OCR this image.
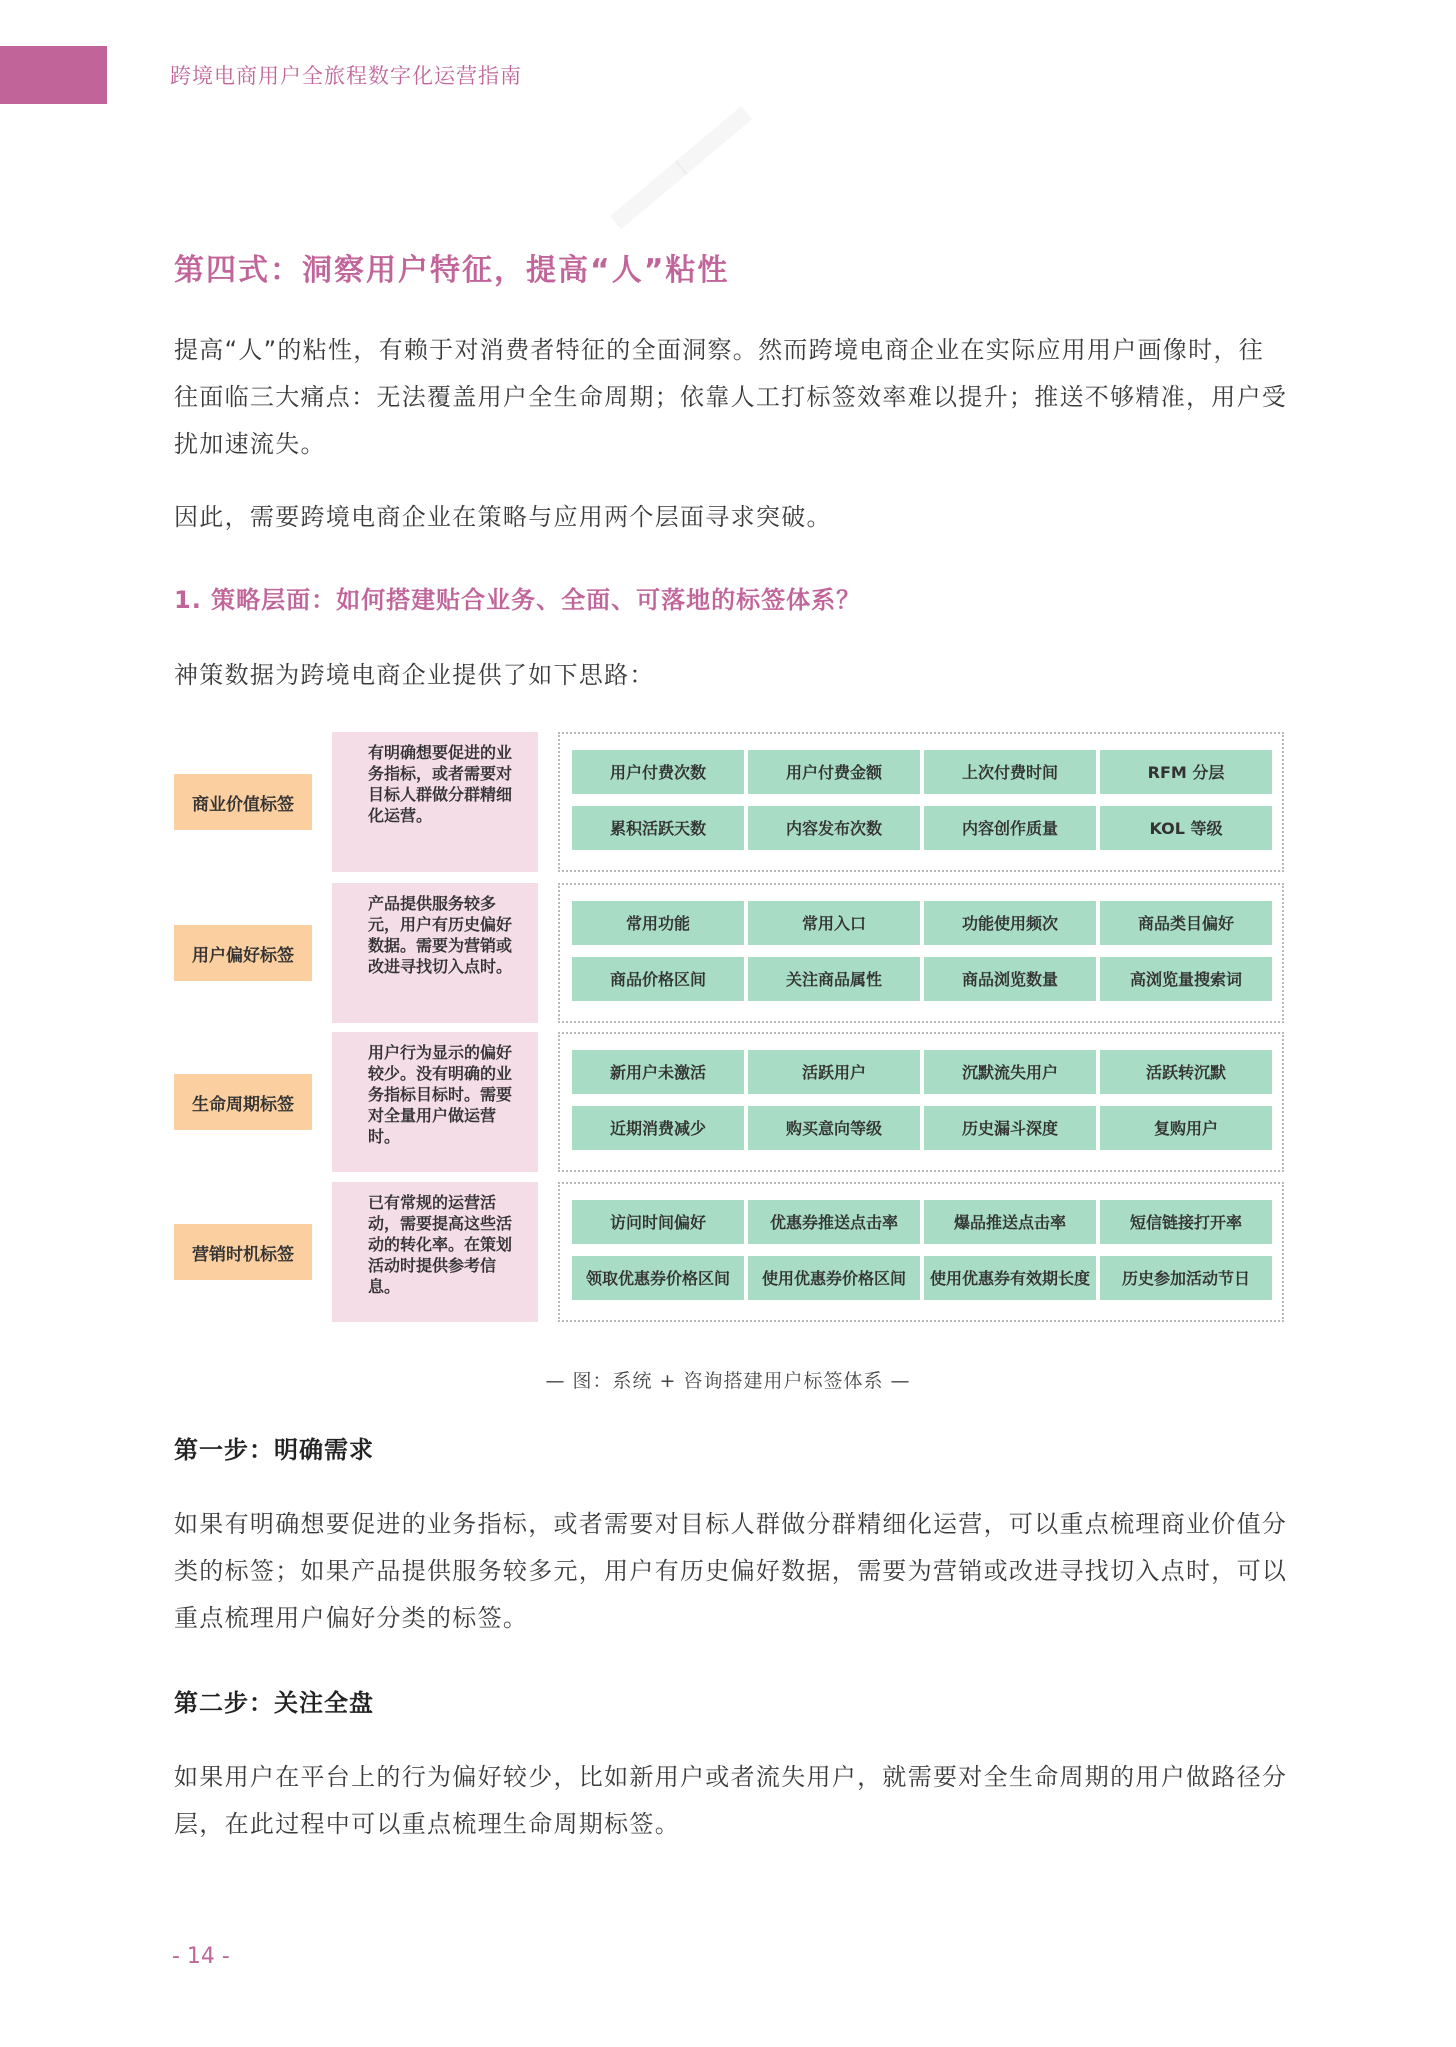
跨境电商用户全旅程数字化运营指南
第四式：洞察用户特征，提高“人”粘性

提高“人”的粘性，有赖于对消费者特征的全面洞察。然而跨境电商企业在实际应用用户画像时，往往面临三大痛点：无法覆盖用户全生命周期；依靠人工打标签效率难以提升；推送不够精准，用户受扰加速流失。

因此，需要跨境电商企业在策略与应用两个层面寻求突破。

1. 策略层面：如何搭建贴合业务、全面、可落地的标签体系？

神策数据为跨境电商企业提供了如下思路：

商业价值标签
有明确想要促进的业务指标，或者需要对目标人群做分群精细化运营。
用户付费次数	用户付费金额	上次付费时间	RFM 分层
累积活跃天数	内容发布次数	内容创作质量	KOL 等级
用户偏好标签
产品提供服务较多元，用户有历史偏好数据。需要为营销或改进寻找切入点时。
常用功能	常用入口	功能使用频次	商品类目偏好
商品价格区间	关注商品属性	商品浏览数量	高浏览量搜索词
生命周期标签
用户行为显示的偏好较少。没有明确的业务指标目标时。需要对全量用户做运营时。
新用户未激活	活跃用户	沉默流失用户	活跃转沉默
近期消费减少	购买意向等级	历史漏斗深度	复购用户
营销时机标签
已有常规的运营活动，需要提高这些活动的转化率。在策划活动时提供参考信息。
访问时间偏好	优惠券推送点击率	爆品推送点击率	短信链接打开率
领取优惠券价格区间	使用优惠券价格区间	使用优惠券有效期长度	历史参加活动节日
— 图：系统 + 咨询搭建用户标签体系 —
第一步：明确需求

如果有明确想要促进的业务指标，或者需要对目标人群做分群精细化运营，可以重点梳理商业价值分类的标签；如果产品提供服务较多元，用户有历史偏好数据，需要为营销或改进寻找切入点时，可以重点梳理用户偏好分类的标签。

第二步：关注全盘

如果用户在平台上的行为偏好较少，比如新用户或者流失用户，就需要对全生命周期的用户做路径分层，在此过程中可以重点梳理生命周期标签。

- 14 -
